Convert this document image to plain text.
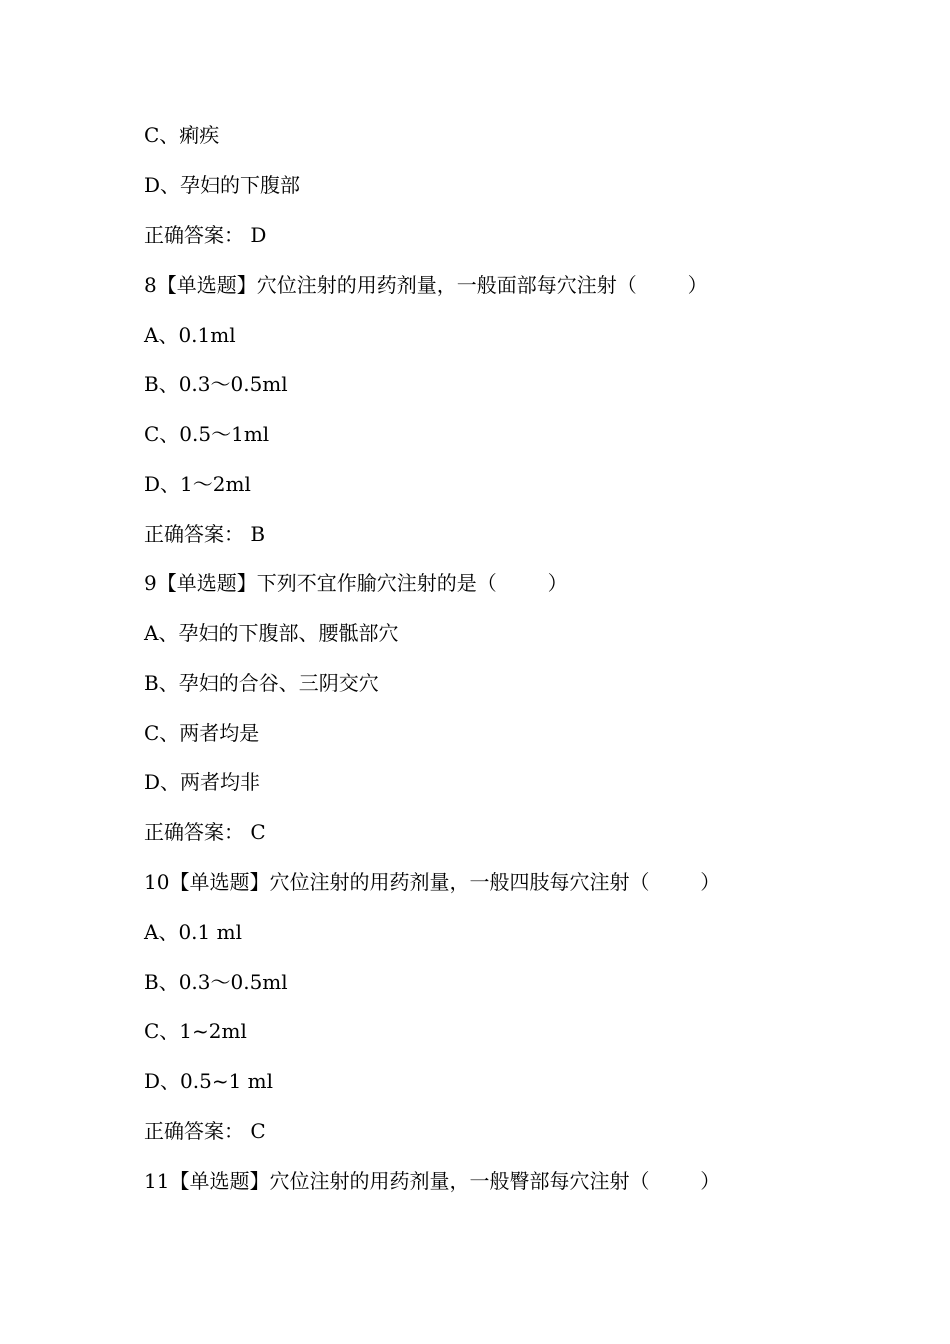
C、痢疾
D、孕妇的下腹部
正确答案： D
8【单选题】穴位注射的用药剂量，一般面部每穴注射（        ）
A、0.1ml
B、0.3～0.5ml
C、0.5～1ml
D、1～2ml
正确答案： B
9【单选题】下列不宜作腧穴注射的是（        ）
A、孕妇的下腹部、腰骶部穴
B、孕妇的合谷、三阴交穴
C、两者均是
D、两者均非
正确答案： C
10【单选题】穴位注射的用药剂量，一般四肢每穴注射（        ）
A、0.1 ml
B、0.3～0.5ml
C、1~2ml
D、0.5~1 ml
正确答案： C
11【单选题】穴位注射的用药剂量，一般臀部每穴注射（        ）
